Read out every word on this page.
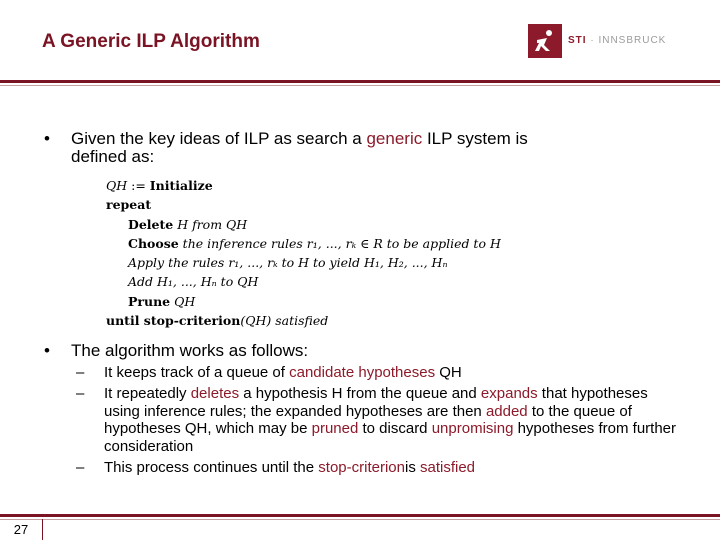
A Generic ILP Algorithm	STI · INNSBRUCK
• Given the key ideas of ILP as search a generic ILP system is
defined as:
QH := Initialize
repeat
Delete H from QH
Choose the inference rules r₁, ..., rₖ ∈ R to be applied to H
Apply the rules r₁, ..., rₖ to H to yield H₁, H₂, ..., Hₙ
Add H₁, ..., Hₙ to QH
Prune QH
until stop-criterion(QH) satisfied
• The algorithm works as follows:
– It keeps track of a queue of candidate hypotheses QH
– It repeatedly deletes a hypothesis H from the queue and expands that hypotheses using inference rules; the expanded hypotheses are then added to the queue of hypotheses QH, which may be pruned to discard unpromising hypotheses from further consideration
– This process continues until the stop-criterionis satisfied
27
